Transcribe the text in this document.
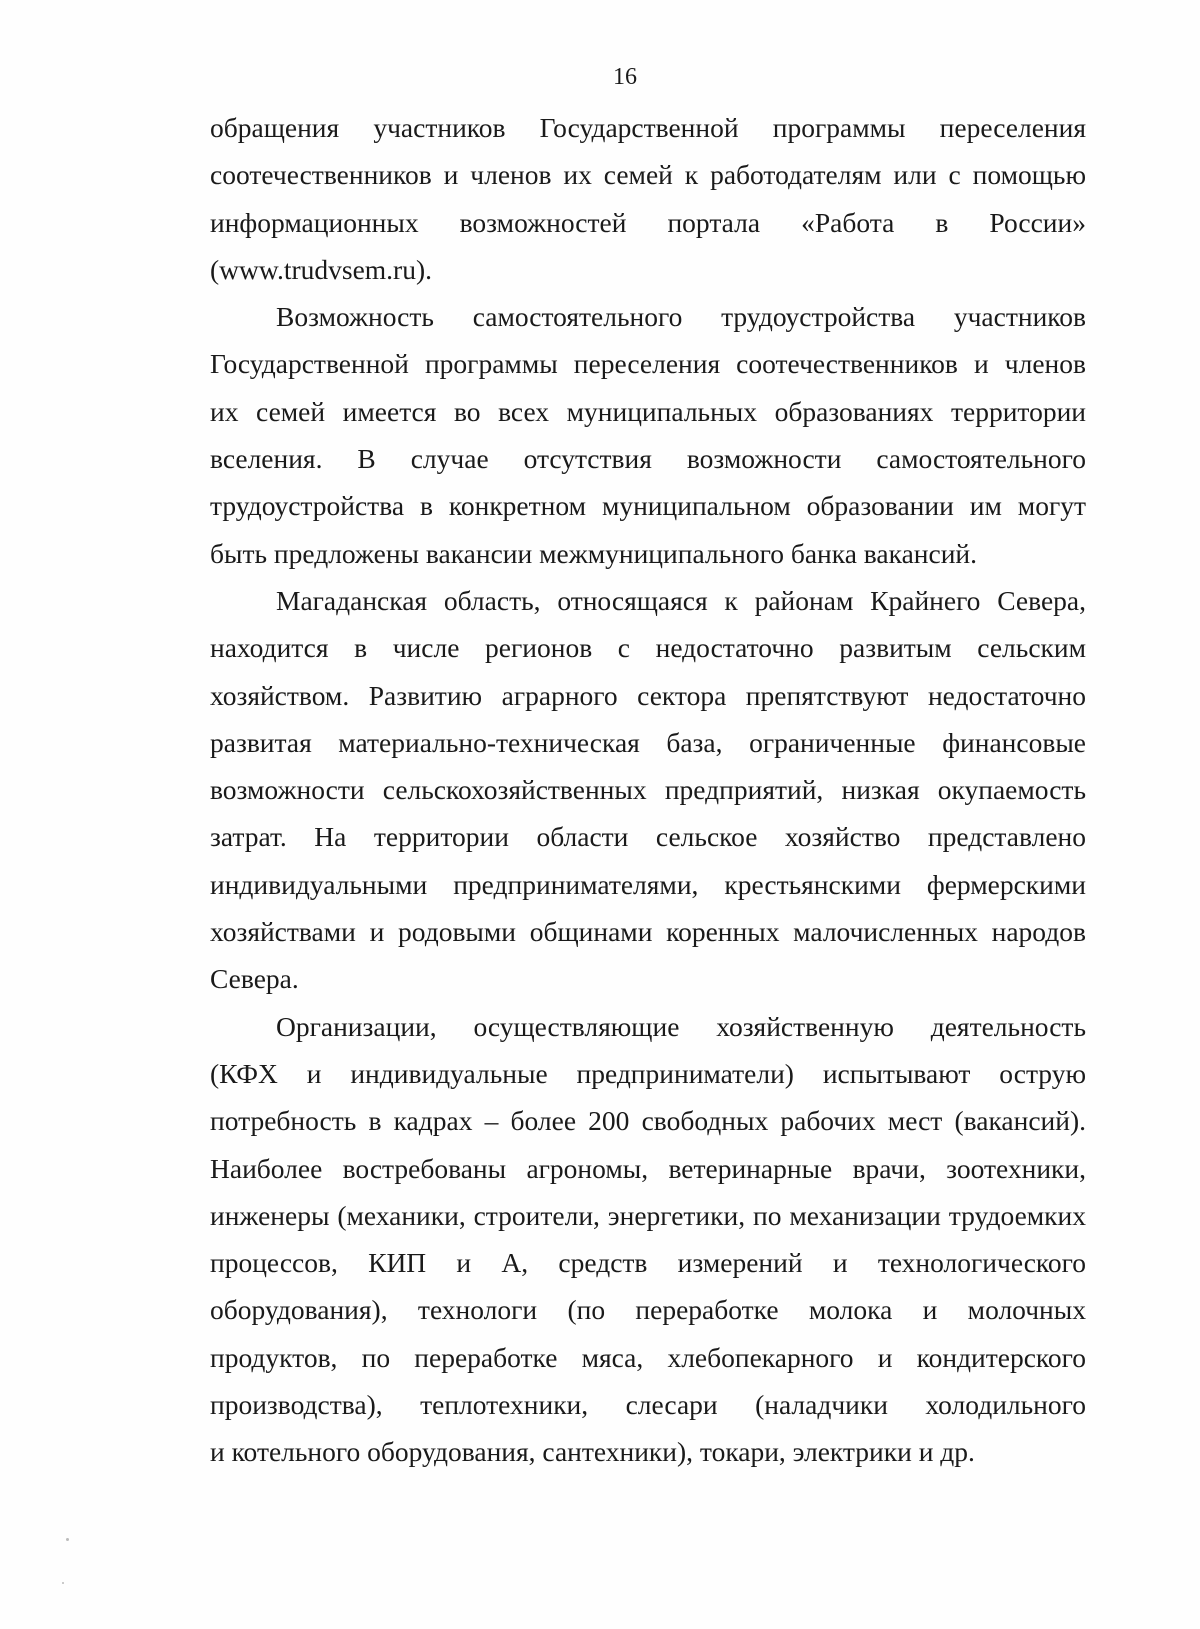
16

обращения участников Государственной программы переселения
соотечественников и членов их семей к работодателям или с помощью
информационных возможностей портала «Работа в России»
(www.trudvsem.ru).

Возможность самостоятельного трудоустройства участников
Государственной программы переселения соотечественников и членов
их семей имеется во всех муниципальных образованиях территории
вселения. В случае отсутствия возможности самостоятельного
трудоустройства в конкретном муниципальном образовании им могут
быть предложены вакансии межмуниципального банка вакансий.

Магаданская область, относящаяся к районам Крайнего Севера,
находится в числе регионов с недостаточно развитым сельским
хозяйством. Развитию аграрного сектора препятствуют недостаточно
развитая материально-техническая база, ограниченные финансовые
возможности сельскохозяйственных предприятий, низкая окупаемость
затрат. На территории области сельское хозяйство представлено
индивидуальными предпринимателями, крестьянскими фермерскими
хозяйствами и родовыми общинами коренных малочисленных народов
Севера.

Организации, осуществляющие хозяйственную деятельность
(КФХ и индивидуальные предприниматели) испытывают острую
потребность в кадрах – более 200 свободных рабочих мест (вакансий).
Наиболее востребованы агрономы, ветеринарные врачи, зоотехники,
инженеры (механики, строители, энергетики, по механизации трудоемких
процессов, КИП и А, средств измерений и технологического
оборудования), технологи (по переработке молока и молочных
продуктов, по переработке мяса, хлебопекарного и кондитерского
производства), теплотехники, слесари (наладчики холодильного
и котельного оборудования, сантехники), токари, электрики и др.
